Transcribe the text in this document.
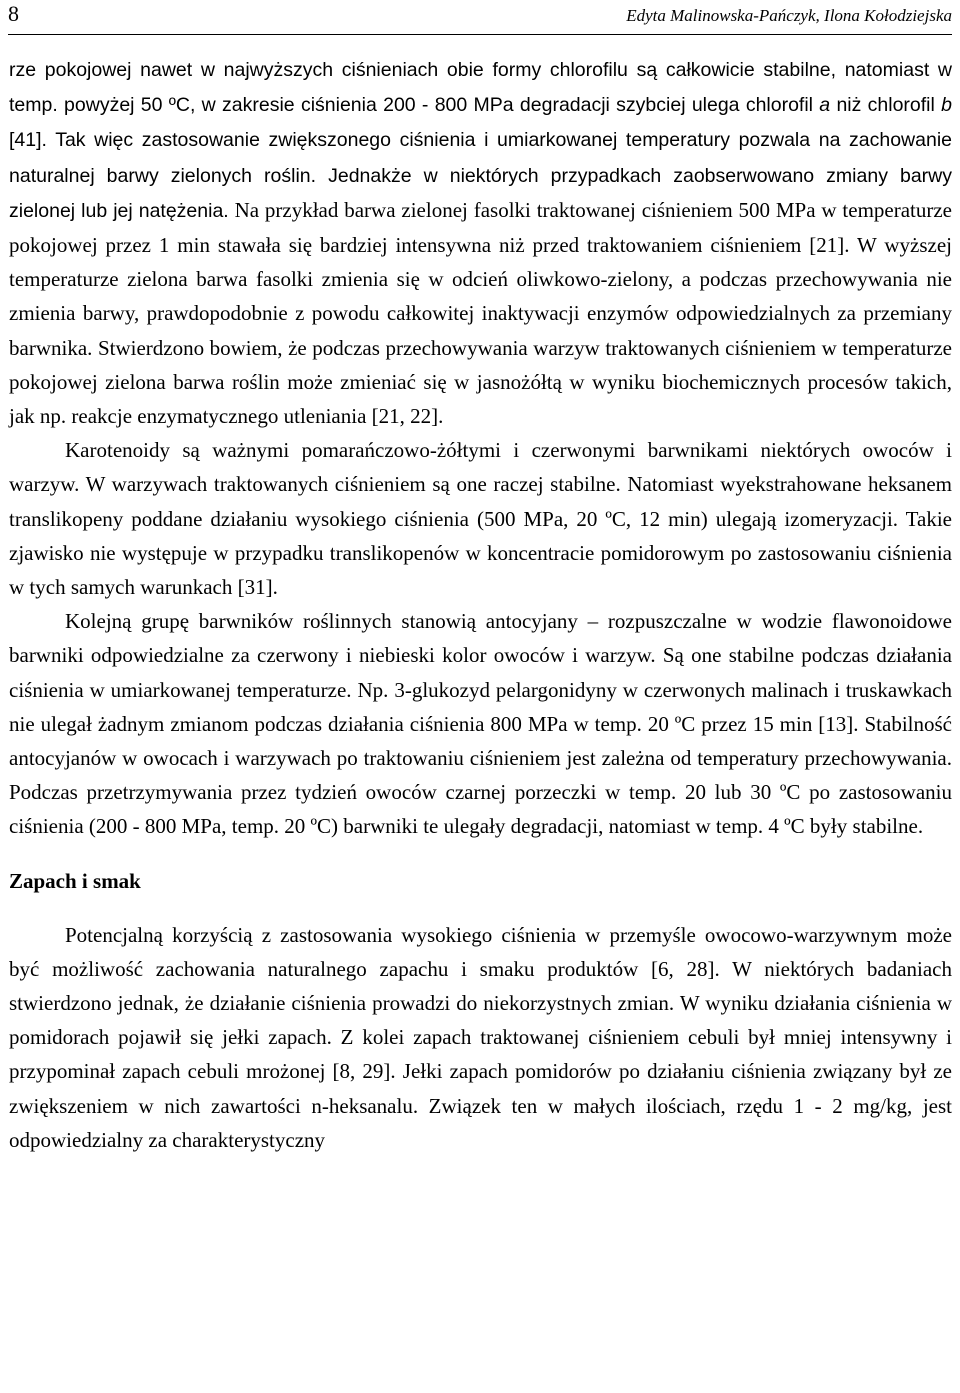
8	Edyta Malinowska-Pańczyk, Ilona Kołodziejska

rze pokojowej nawet w najwyższych ciśnieniach obie formy chlorofilu są całkowicie stabilne, natomiast w temp. powyżej 50 ºC, w zakresie ciśnienia 200 - 800 MPa degradacji szybciej ulega chlorofil a niż chlorofil b [41]. Tak więc zastosowanie zwiększonego ciśnienia i umiarkowanej temperatury pozwala na zachowanie naturalnej barwy zielonych roślin. Jednakże w niektórych przypadkach zaobserwowano zmiany barwy zielonej lub jej natężenia. Na przykład barwa zielonej fasolki traktowanej ciśnieniem 500 MPa w temperaturze pokojowej przez 1 min stawała się bardziej intensywna niż przed traktowaniem ciśnieniem [21]. W wyższej temperaturze zielona barwa fasolki zmienia się w odcień oliwkowo-zielony, a podczas przechowywania nie zmienia barwy, prawdopodobnie z powodu całkowitej inaktywacji enzymów odpowiedzialnych za przemiany barwnika. Stwierdzono bowiem, że podczas przechowywania warzyw traktowanych ciśnieniem w temperaturze pokojowej zielona barwa roślin może zmieniać się w jasnożółtą w wyniku biochemicznych procesów takich, jak np. reakcje enzymatycznego utleniania [21, 22].

Karotenoidy są ważnymi pomarańczowo-żółtymi i czerwonymi barwnikami niektórych owoców i warzyw. W warzywach traktowanych ciśnieniem są one raczej stabilne. Natomiast wyekstrahowane heksanem translikopeny poddane działaniu wysokiego ciśnienia (500 MPa, 20 ºC, 12 min) ulegają izomeryzacji. Takie zjawisko nie występuje w przypadku translikopenów w koncentracie pomidorowym po zastosowaniu ciśnienia w tych samych warunkach [31].

Kolejną grupę barwników roślinnych stanowią antocyjany – rozpuszczalne w wodzie flawonoidowe barwniki odpowiedzialne za czerwony i niebieski kolor owoców i warzyw. Są one stabilne podczas działania ciśnienia w umiarkowanej temperaturze. Np. 3-glukozyd pelargonidyny w czerwonych malinach i truskawkach nie ulegał żadnym zmianom podczas działania ciśnienia 800 MPa w temp. 20 ºC przez 15 min [13]. Stabilność antocyjanów w owocach i warzywach po traktowaniu ciśnieniem jest zależna od temperatury przechowywania. Podczas przetrzymywania przez tydzień owoców czarnej porzeczki w temp. 20 lub 30 ºC po zastosowaniu ciśnienia (200 - 800 MPa, temp. 20 ºC) barwniki te ulegały degradacji, natomiast w temp. 4 ºC były stabilne.

Zapach i smak

Potencjalną korzyścią z zastosowania wysokiego ciśnienia w przemyśle owocowo-warzywnym może być możliwość zachowania naturalnego zapachu i smaku produktów [6, 28]. W niektórych badaniach stwierdzono jednak, że działanie ciśnienia prowadzi do niekorzystnych zmian. W wyniku działania ciśnienia w pomidorach pojawił się jełki zapach. Z kolei zapach traktowanej ciśnieniem cebuli był mniej intensywny i przypominał zapach cebuli mrożonej [8, 29]. Jełki zapach pomidorów po działaniu ciśnienia związany był ze zwiększeniem w nich zawartości n-heksanalu. Związek ten w małych ilościach, rzędu 1 - 2 mg/kg, jest odpowiedzialny za charakterystyczny
